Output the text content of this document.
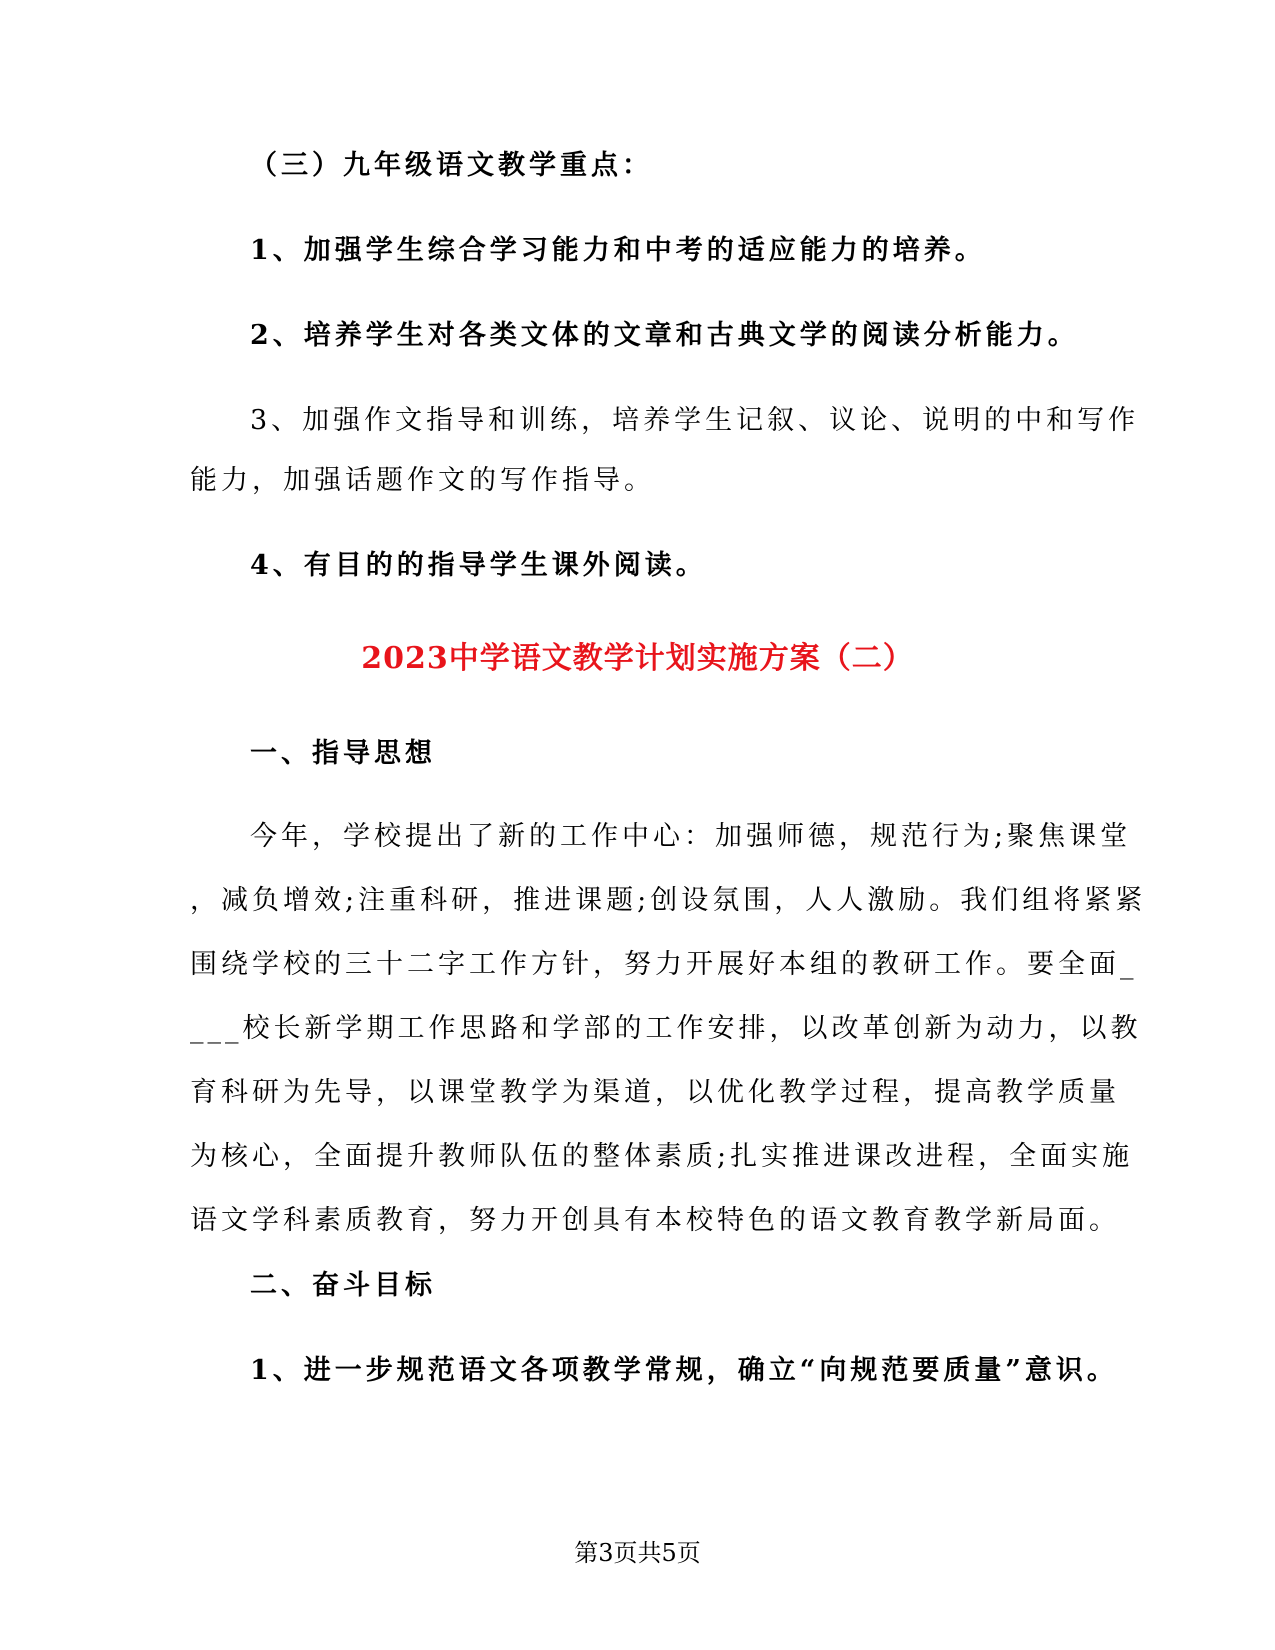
（三）九年级语文教学重点：
1、加强学生综合学习能力和中考的适应能力的培养。
2、培养学生对各类文体的文章和古典文学的阅读分析能力。
3、加强作文指导和训练，培养学生记叙、议论、说明的中和写作
能力，加强话题作文的写作指导。
4、有目的的指导学生课外阅读。
2023中学语文教学计划实施方案（二）
一、指导思想
今年，学校提出了新的工作中心：加强师德，规范行为;聚焦课堂
，减负增效;注重科研，推进课题;创设氛围，人人激励。我们组将紧紧
围绕学校的三十二字工作方针，努力开展好本组的教研工作。要全面_
___校长新学期工作思路和学部的工作安排，以改革创新为动力，以教
育科研为先导，以课堂教学为渠道，以优化教学过程，提高教学质量
为核心，全面提升教师队伍的整体素质;扎实推进课改进程，全面实施
语文学科素质教育，努力开创具有本校特色的语文教育教学新局面。
二、奋斗目标
1、进一步规范语文各项教学常规，确立“向规范要质量”意识。
第3页共5页
